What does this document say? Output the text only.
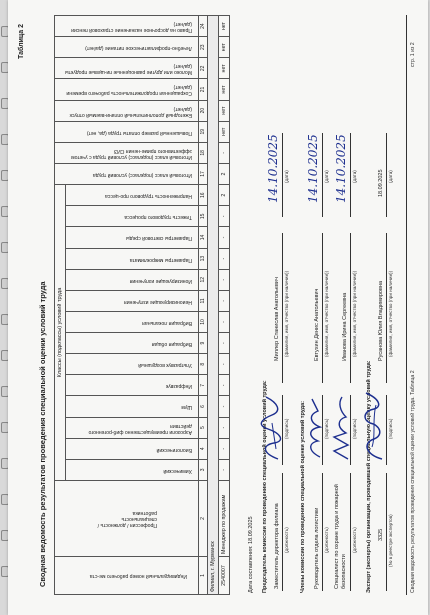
Таблица 2
Сводная ведомость результатов проведения специальной оценки условий труда	Индивидуальный номер рабочего ме-ста	Профессия / должность / специальность работника	Классы (подклассы) условий труда														Итоговый класс (подкласс) условий труда	Итоговый класс (подкласс) условий труда с учетом эффективного приме-нения СИЗ	Повышенный размер оплаты труда (да, нет)	Ежегодный дополнительный оплачи-ваемый отпуск (да/нет)	Сокращенная продолжительность рабочего времени (да/нет)	Молоко или другие равноценные пи-щевые продукты (да/нет)	Лечебно-профилактическое питание (да/нет)	Право на досрочное назначение страховой пенсии (да/нет)

		Химический	Биологический	Аэрозоли преимущественно фиб-рогенного действия	Шум	Инфразвук	Ультразвук воздушный	Вибрация общая	Вибрация локальная	Неионизирующие излучения	Ионизирующие излучения	Параметры микроклимата	Параметры световой среды	Тяжесть трудового процесса	Напряженность трудового про-цесса								

1	2	3	4	5	6	7	8	9	10	11	12	13	14	15	16	17	18	19	20	21	22	23	24
Филиал, г. Мурманск																							
2540007	Менеджер по продажам	-	-	-	-	-	-	-	-	-	-	-	-	-	2	2	-	нет	нет	нет	нет	нет	нет
Дата составления: 18.09.2025 Председатель комиссии по проведению специальной оценки условий труда: Заместитель директора филиала (должность)
(подпись)
Миллер Станислав Анатольевич (фамилия, имя, отчество (при наличии))
14.10.2025 (дата)
Члены комиссии по проведению специальной оценки условий труда: Руководитель отдела логистики (должность)
(подпись)
Евтухин Денис Анатольевич (фамилия, имя, отчество (при наличии))
14.10.2025 (дата)
Специалист по охране труда и пожарной безопасности
(должность)
(подпись)
Иванова Ирина Сергеевна (фамилия, имя, отчество (при наличии))
14.10.2025 (дата)
Эксперт (эксперты) организации, проводившей специальную оценку условий труда: 3325 (№ в реестре экспертов)
(подпись)
Русанова Юлия Владимировна (фамилия, имя, отчество (при наличии))
18.09.2025 (дата)
Сводная ведомость результатов проведения специальной оценки условий труда. Таблица 2
стр. 1 из 2
